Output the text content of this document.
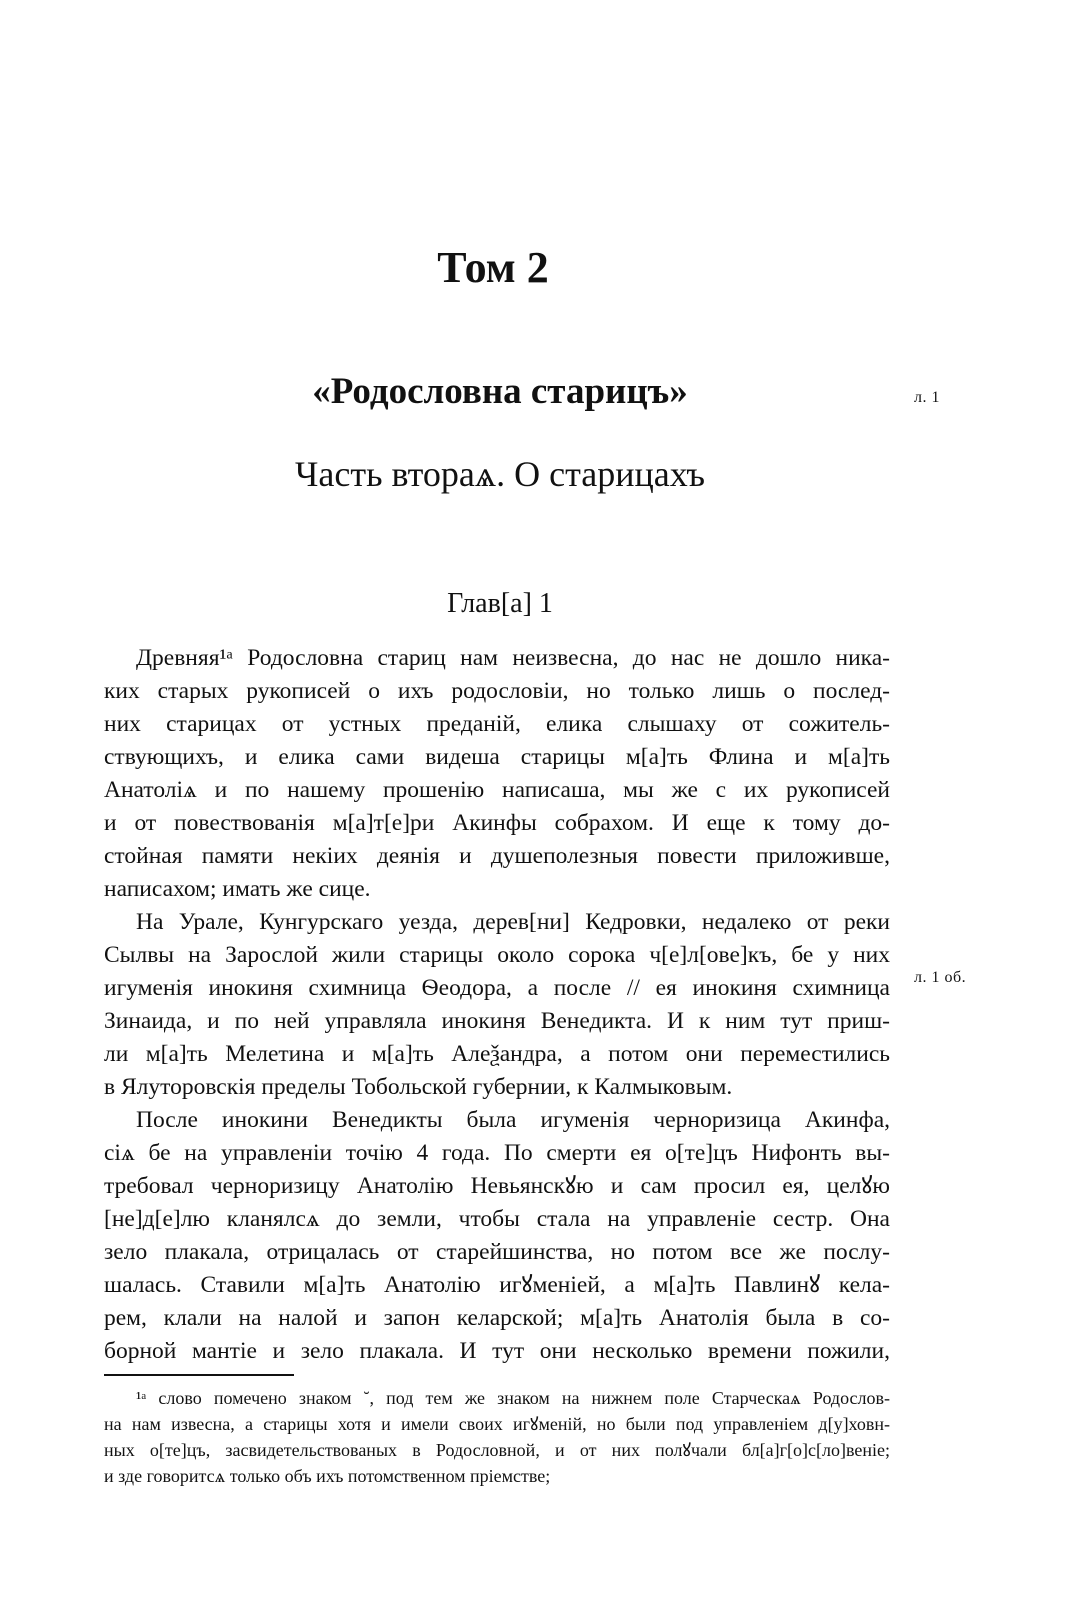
Том 2
«Родословна старицъ»	л. 1
Часть втораѧ. О старицахъ
Глав[а] 1
Древняя¹ᵃ Родословна стариц нам неизвесна, до нас не дошло ника-
ких старых рукописей о ихъ родословіи, но только лишь о послед-
них старицах от устных преданій, елика слышаху от сожитель-
ствующихъ, и елика сами видеша старицы м[а]ть Флина и м[а]ть
Анатоліѧ и по нашему прошенію написаша, мы же с их рукописей
и от повествованія м[а]т[е]ри Акинфы собрахом. И еще к тому до-
стойная памяти некіих деянія и душеполезныя повести приложивше,
написахом; имать же сице.
На Урале, Кунгурскаго уезда, дерев[ни] Кедровки, недалеко от реки
Сылвы на Зарослой жили старицы около сорока ч[е]л[ове]къ, бе у них
игуменія инокиня схимница Ѳеодора, а после // ея инокиня схимница
Зинаида, и по ней управляла инокиня Венедикта. И к ним тут приш-
ли м[а]ть Мелетина и м[а]ть Алеѯандра, а потом они переместились
в Ялуторовскія пределы Тобольской губернии, к Калмыковым.
После инокини Венедикты была игуменія черноризица Акинфа,
сіѧ бе на управленіи точію 4 года. По смерти ея о[те]цъ Нифонть вы-
требовал черноризицу Анатолію Невьянскꙋю и сам просил ея, целꙋю
[не]д[е]лю кланялсѧ до земли, чтобы стала на управленіе сестр. Она
зело плакала, отрицалась от старейшинства, но потом все же послу-
шалась. Ставили м[а]ть Анатолію игꙋменіей, а м[а]ть Павлинꙋ кела-
рем, клали на налой и запон келарской; м[а]ть Анатолія была в со-
борной мантіе и зело плакала. И тут они несколько времени пожили,
л. 1 об.
¹ᵃ слово помечено знаком ˘, под тем же знаком на нижнем поле Старческаѧ Родослов-
на нам извесна, а старицы хотя и имели своих игꙋменій, но были под управленіем д[у]ховн-
ных о[те]цъ, засвидетельствованых в Родословной, и от них полꙋчали бл[а]г[о]с[ло]веніе;
и зде говоритсѧ только объ ихъ потомственном пріемстве;
